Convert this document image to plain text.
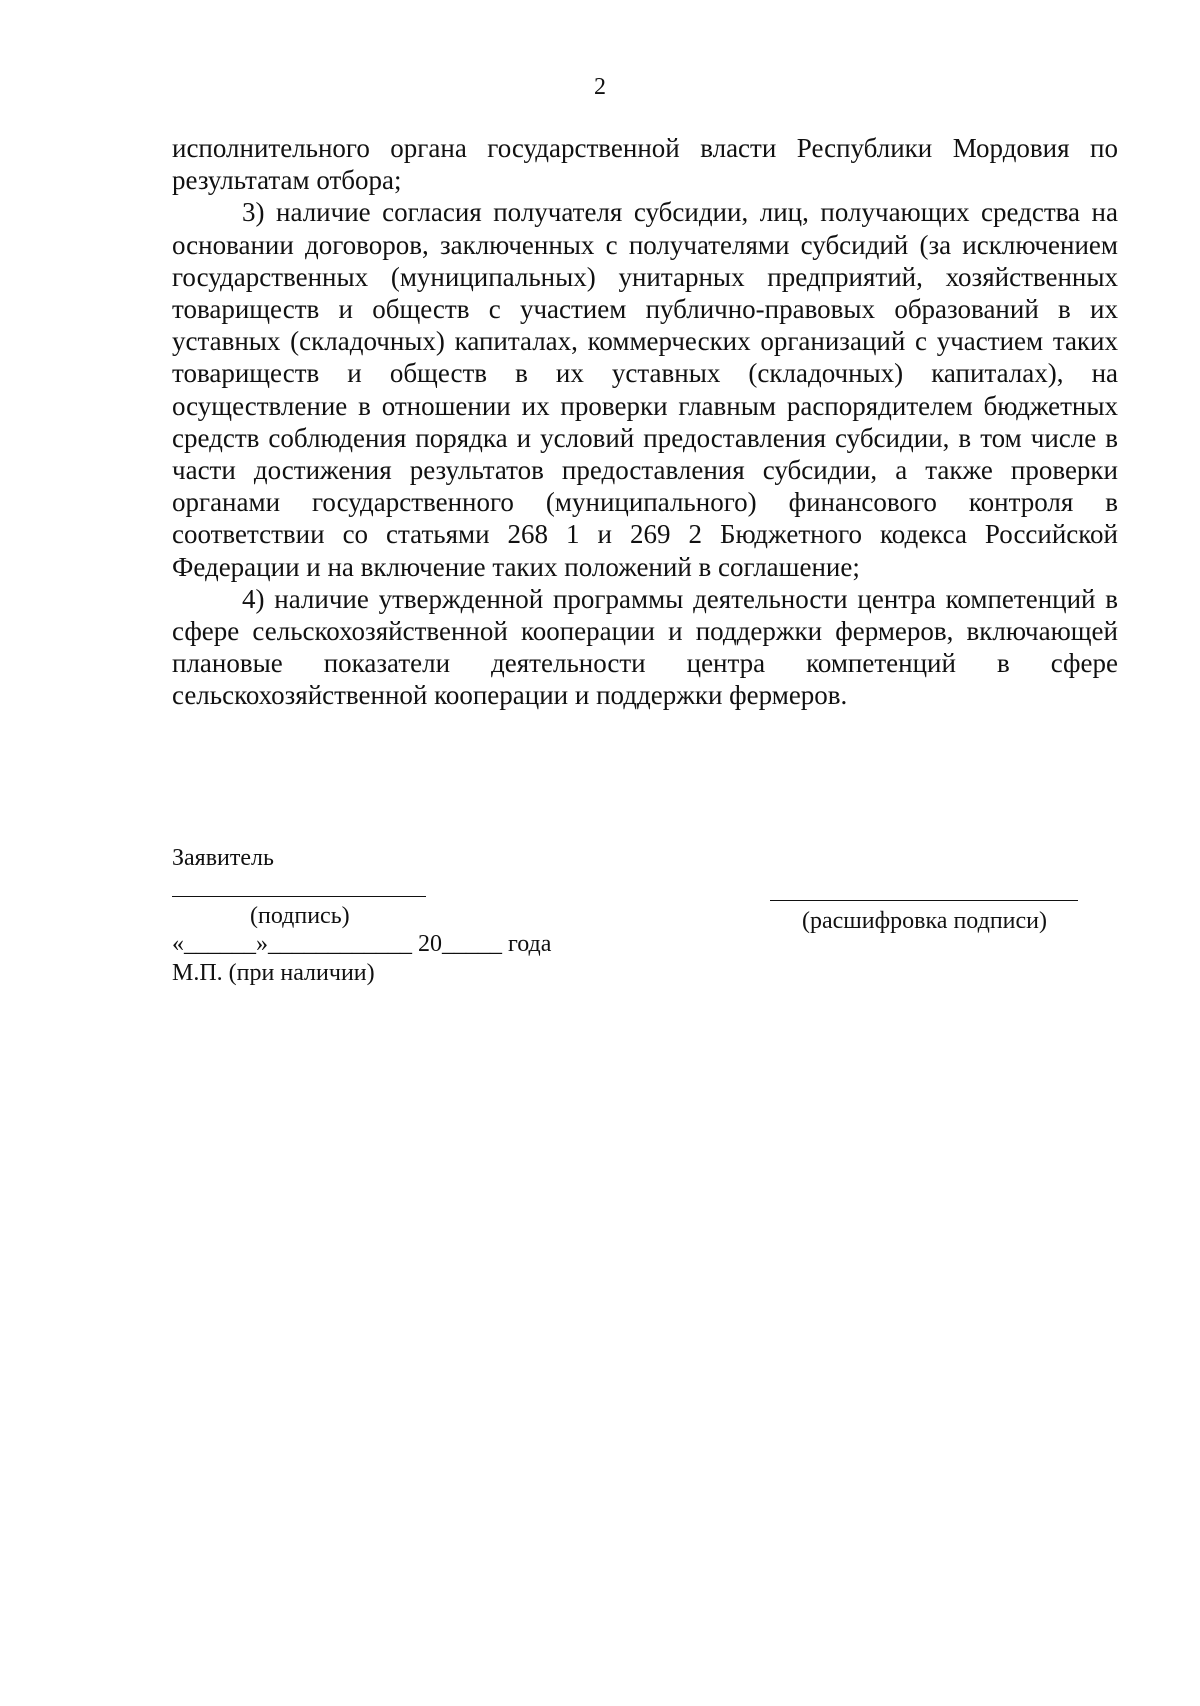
2

исполнительного органа государственной власти Республики Мордовия по результатам отбора;

3) наличие согласия получателя субсидии, лиц, получающих средства на основании договоров, заключенных с получателями субсидий (за исключением государственных (муниципальных) унитарных предприятий, хозяйственных товариществ и обществ с участием публично-правовых образований в их уставных (складочных) капиталах, коммерческих организаций с участием таких товариществ и обществ в их уставных (складочных) капиталах), на осуществление в отношении их проверки главным распорядителем бюджетных средств соблюдения порядка и условий предоставления субсидии, в том числе в части достижения результатов предоставления субсидии, а также проверки органами государственного (муниципального) финансового контроля в соответствии со статьями 268 1 и 269 2 Бюджетного кодекса Российской Федерации и на включение таких положений в соглашение;

4) наличие утвержденной программы деятельности центра компетенций в сфере сельскохозяйственной кооперации и поддержки фермеров, включающей плановые показатели деятельности центра компетенций в сфере сельскохозяйственной кооперации и поддержки фермеров.

Заявитель
(подпись)	(расшифровка подписи)
«______»____________ 20_____ года
М.П. (при наличии)
